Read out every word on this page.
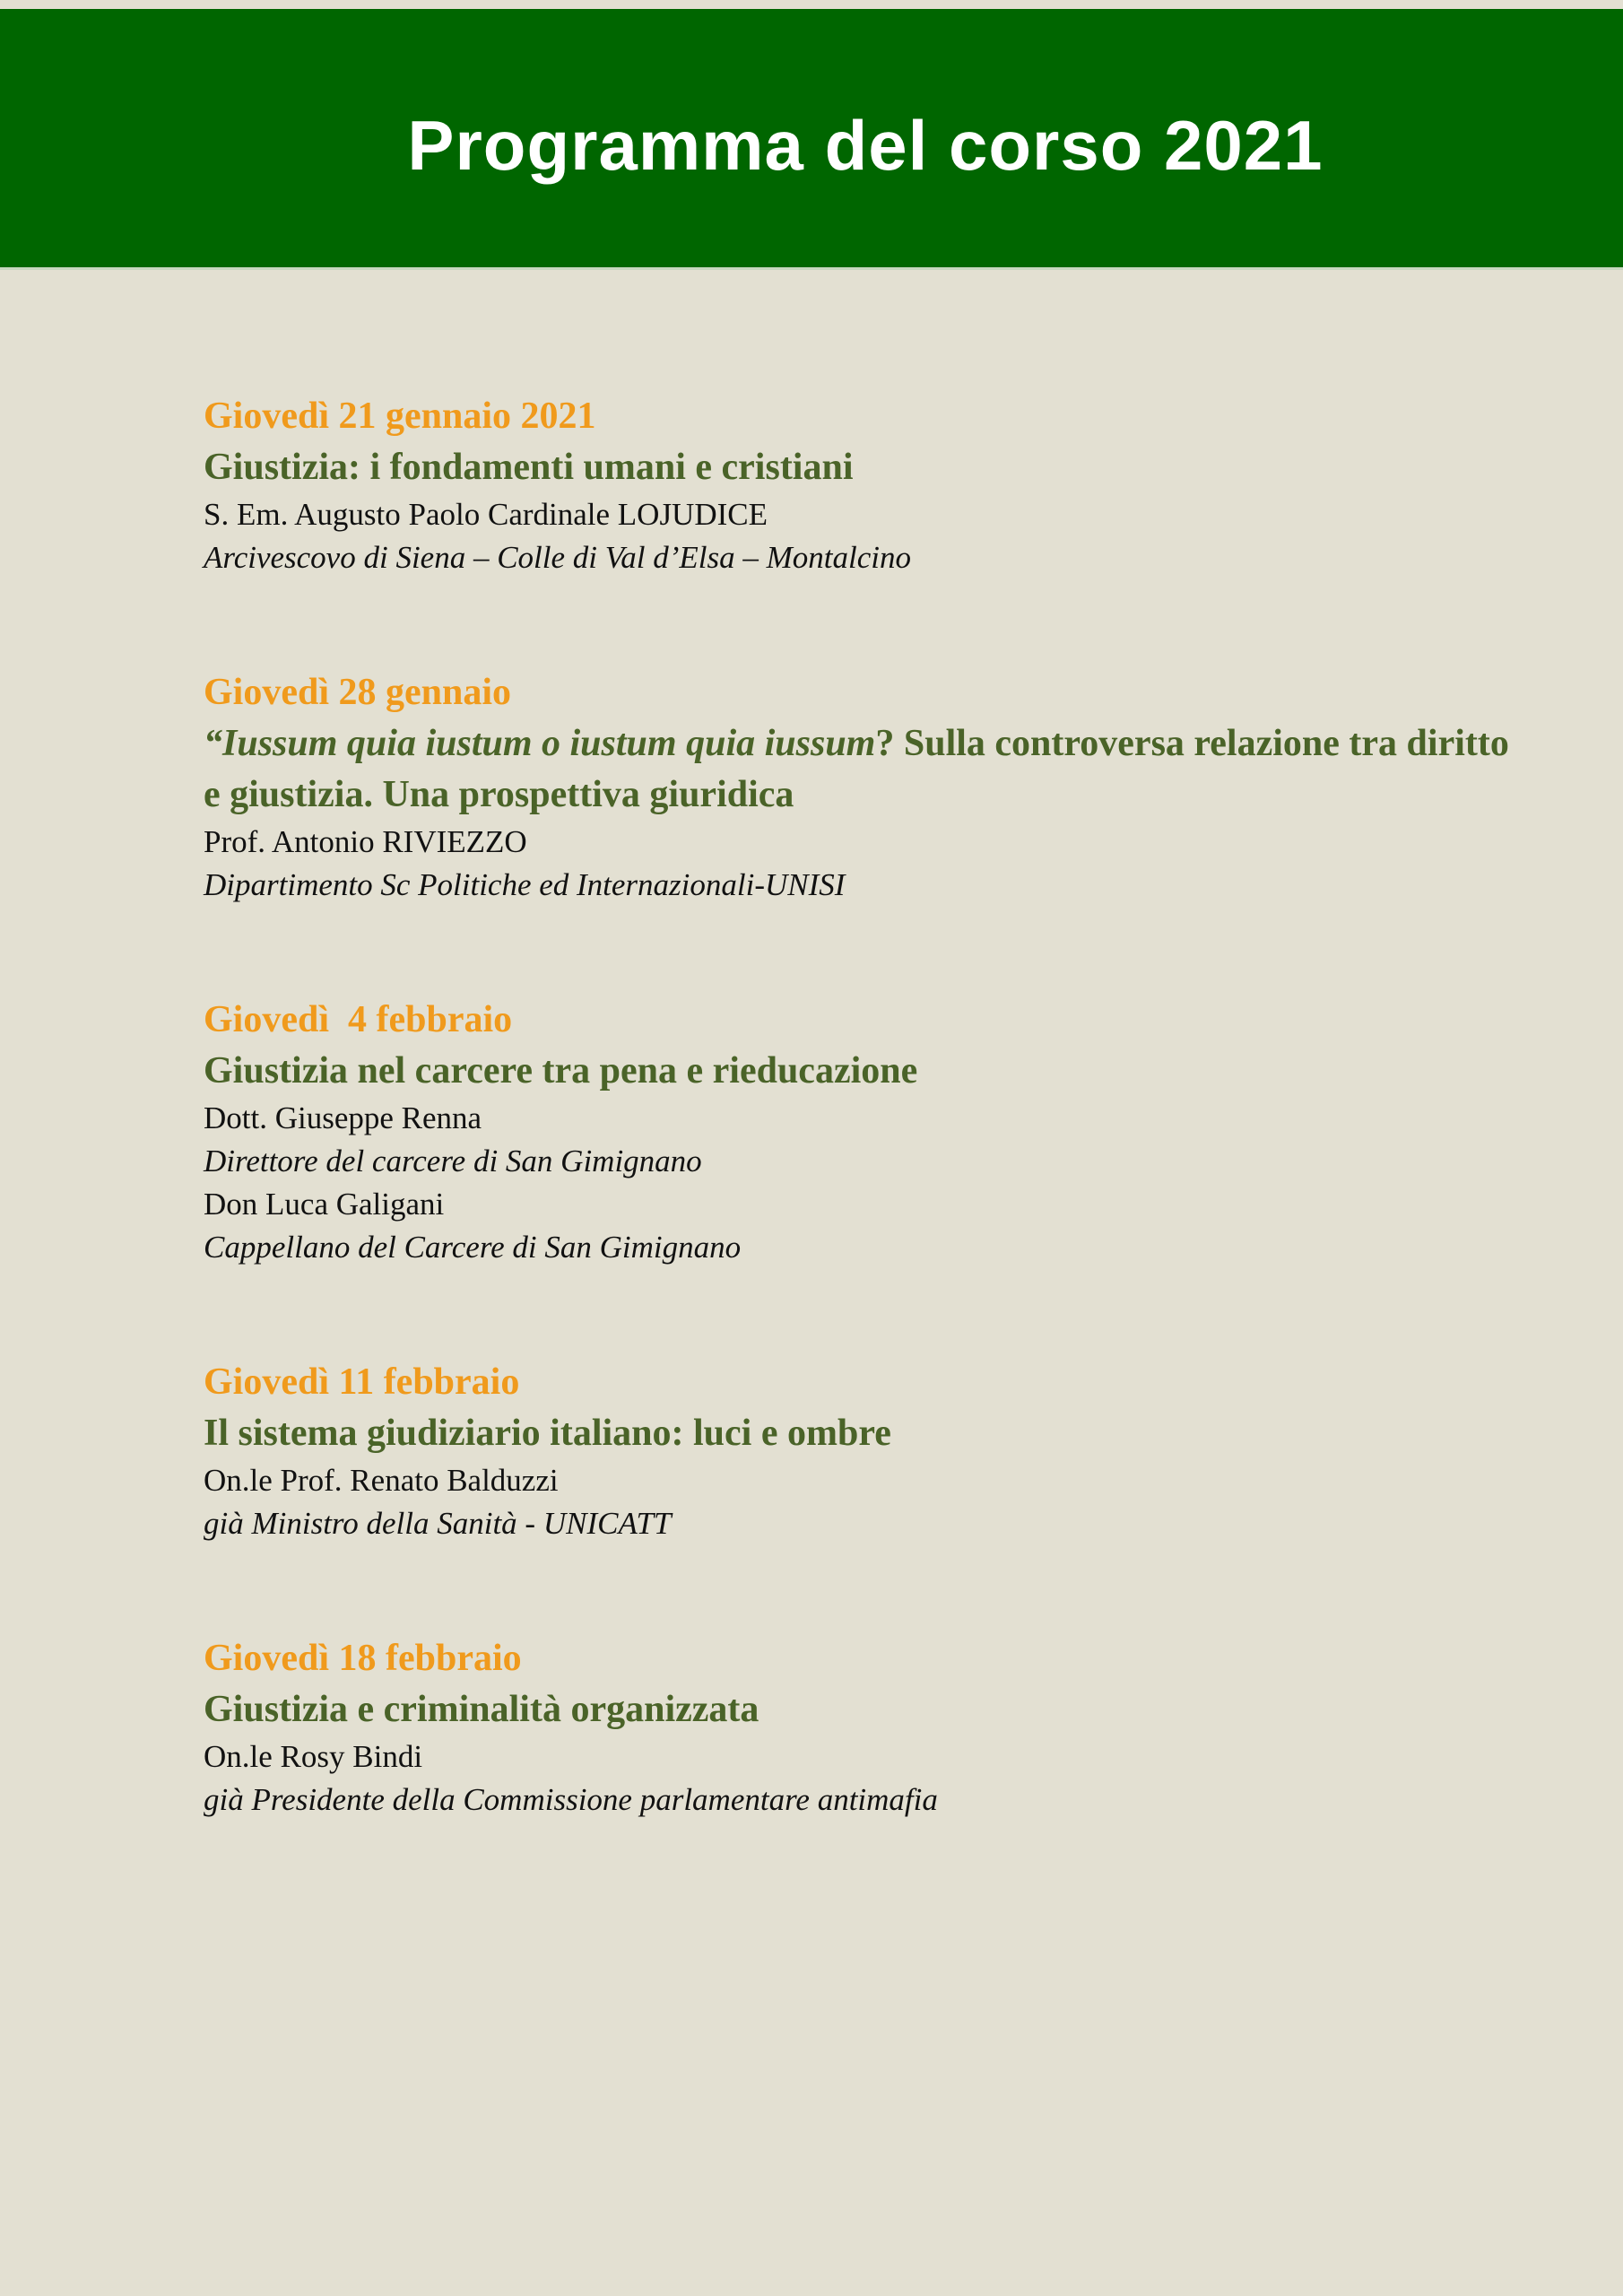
Programma del corso 2021
Giovedì 21 gennaio 2021
Giustizia: i fondamenti umani e cristiani
S. Em. Augusto Paolo Cardinale LOJUDICE
Arcivescovo di Siena – Colle di Val d’Elsa – Montalcino
Giovedì 28 gennaio
“Iussum quia iustum o iustum quia iussum? Sulla controversa relazione tra diritto e giustizia. Una prospettiva giuridica
Prof. Antonio RIVIEZZO
Dipartimento Sc Politiche ed Internazionali-UNISI
Giovedì  4 febbraio
Giustizia nel carcere tra pena e rieducazione
Dott. Giuseppe Renna
Direttore del carcere di San Gimignano
Don Luca Galigani
Cappellano del Carcere di San Gimignano
Giovedì 11 febbraio
Il sistema giudiziario italiano: luci e ombre
On.le Prof. Renato Balduzzi
già Ministro della Sanità - UNICATT
Giovedì 18 febbraio
Giustizia e criminalità organizzata
On.le Rosy Bindi
già Presidente della Commissione parlamentare antimafia
